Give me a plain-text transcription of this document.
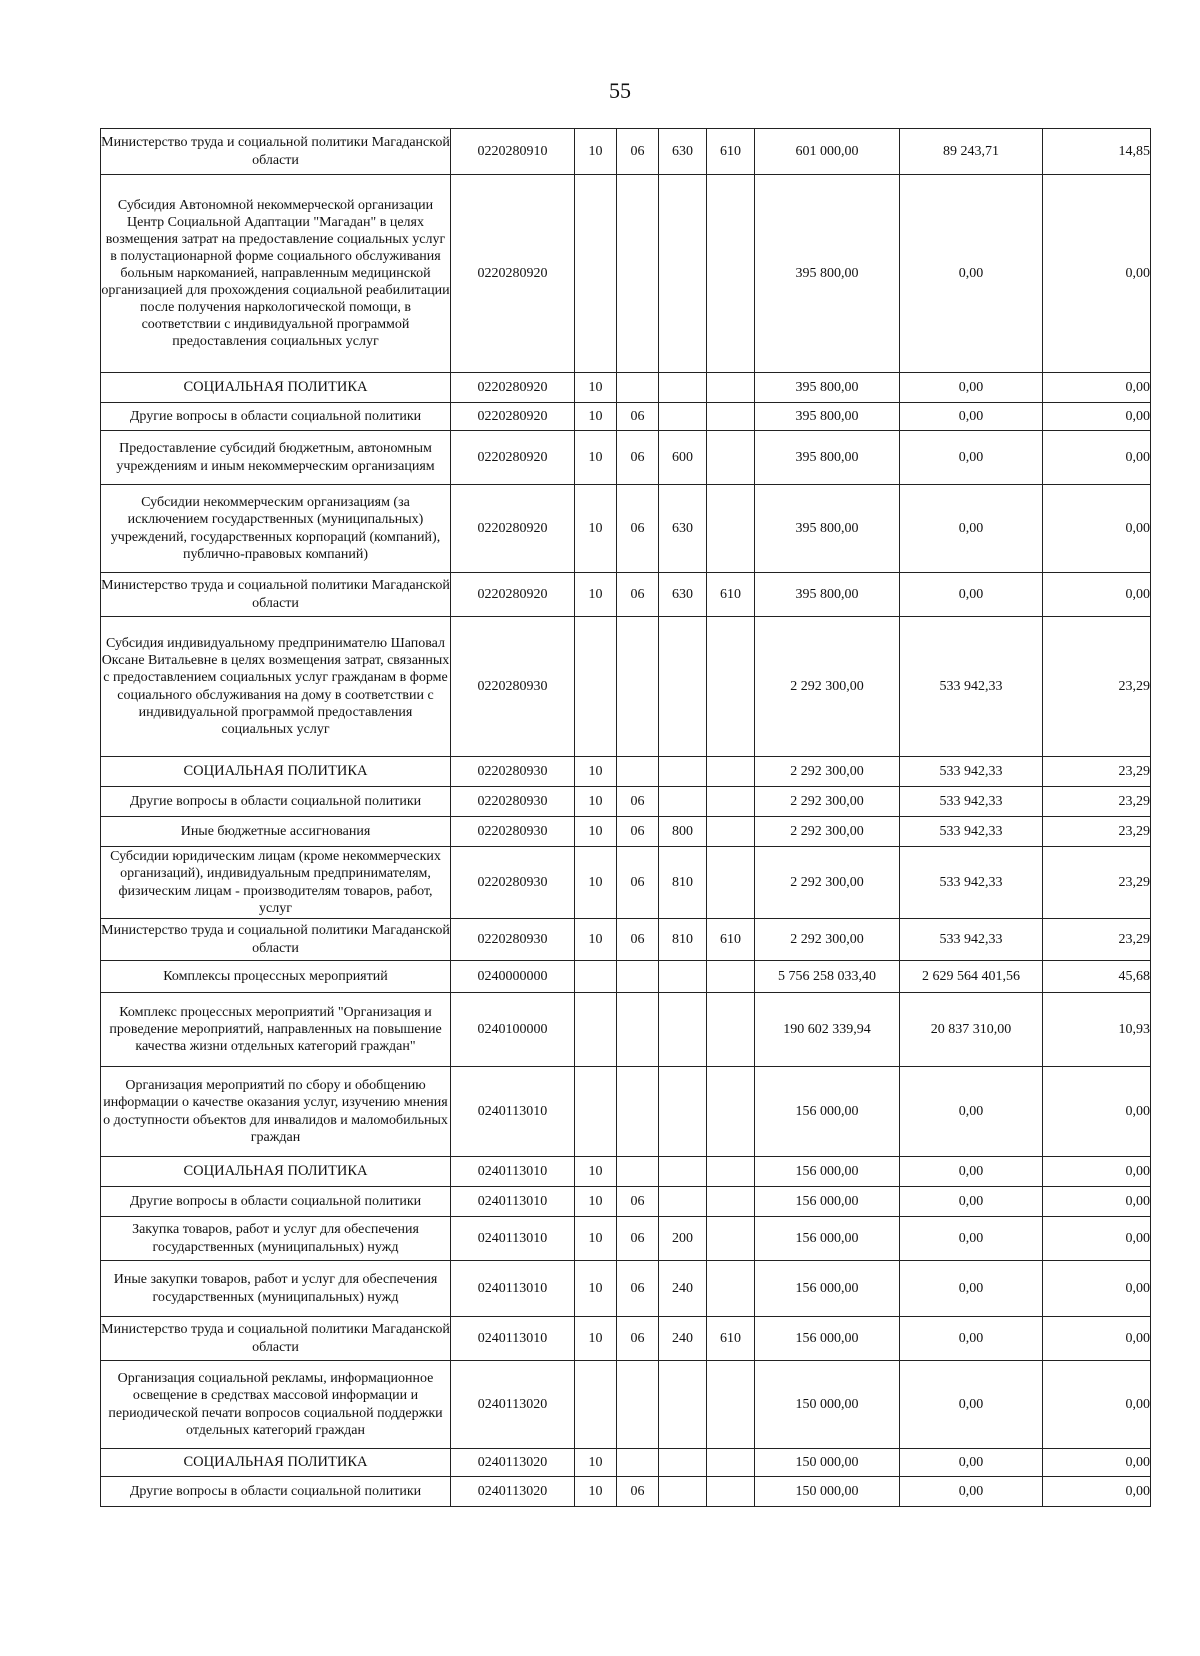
55
Министерство труда и социальной политики Магаданской области	0220280910	10	06	630	610	601 000,00	89 243,71	14,85
Субсидия Автономной некоммерческой организации Центр Социальной Адаптации "Магадан" в целях возмещения затрат на предоставление социальных услуг в полустационарной форме социального обслуживания больным наркоманией, направленным медицинской организацией для прохождения социальной реабилитации после получения наркологической помощи, в соответствии с индивидуальной программой предоставления социальных услуг	0220280920					395 800,00	0,00	0,00
СОЦИАЛЬНАЯ ПОЛИТИКА	0220280920	10				395 800,00	0,00	0,00
Другие вопросы в области социальной политики	0220280920	10	06			395 800,00	0,00	0,00
Предоставление субсидий бюджетным, автономным учреждениям и иным некоммерческим организациям	0220280920	10	06	600		395 800,00	0,00	0,00
Субсидии некоммерческим организациям (за исключением государственных (муниципальных) учреждений, государственных корпораций (компаний), публично-правовых компаний)	0220280920	10	06	630		395 800,00	0,00	0,00
Министерство труда и социальной политики Магаданской области	0220280920	10	06	630	610	395 800,00	0,00	0,00
Субсидия индивидуальному предпринимателю Шаповал Оксане Витальевне в целях возмещения затрат, связанных с предоставлением социальных услуг гражданам в форме социального обслуживания на дому в соответствии с индивидуальной программой предоставления социальных услуг	0220280930					2 292 300,00	533 942,33	23,29
СОЦИАЛЬНАЯ ПОЛИТИКА	0220280930	10				2 292 300,00	533 942,33	23,29
Другие вопросы в области социальной политики	0220280930	10	06			2 292 300,00	533 942,33	23,29
Иные бюджетные ассигнования	0220280930	10	06	800		2 292 300,00	533 942,33	23,29
Субсидии юридическим лицам (кроме некоммерческих организаций), индивидуальным предпринимателям, физическим лицам - производителям товаров, работ, услуг	0220280930	10	06	810		2 292 300,00	533 942,33	23,29
Министерство труда и социальной политики Магаданской области	0220280930	10	06	810	610	2 292 300,00	533 942,33	23,29
Комплексы процессных мероприятий	0240000000					5 756 258 033,40	2 629 564 401,56	45,68
Комплекс процессных мероприятий "Организация и проведение мероприятий, направленных на повышение качества жизни отдельных категорий граждан"	0240100000					190 602 339,94	20 837 310,00	10,93
Организация мероприятий по сбору и обобщению информации о качестве оказания услуг, изучению мнения о доступности объектов для инвалидов и маломобильных граждан	0240113010					156 000,00	0,00	0,00
СОЦИАЛЬНАЯ ПОЛИТИКА	0240113010	10				156 000,00	0,00	0,00
Другие вопросы в области социальной политики	0240113010	10	06			156 000,00	0,00	0,00
Закупка товаров, работ и услуг для обеспечения государственных (муниципальных) нужд	0240113010	10	06	200		156 000,00	0,00	0,00
Иные закупки товаров, работ и услуг для обеспечения государственных (муниципальных) нужд	0240113010	10	06	240		156 000,00	0,00	0,00
Министерство труда и социальной политики Магаданской области	0240113010	10	06	240	610	156 000,00	0,00	0,00
Организация социальной рекламы, информационное освещение в средствах массовой информации и периодической печати вопросов социальной поддержки отдельных категорий граждан	0240113020					150 000,00	0,00	0,00
СОЦИАЛЬНАЯ ПОЛИТИКА	0240113020	10				150 000,00	0,00	0,00
Другие вопросы в области социальной политики	0240113020	10	06			150 000,00	0,00	0,00
